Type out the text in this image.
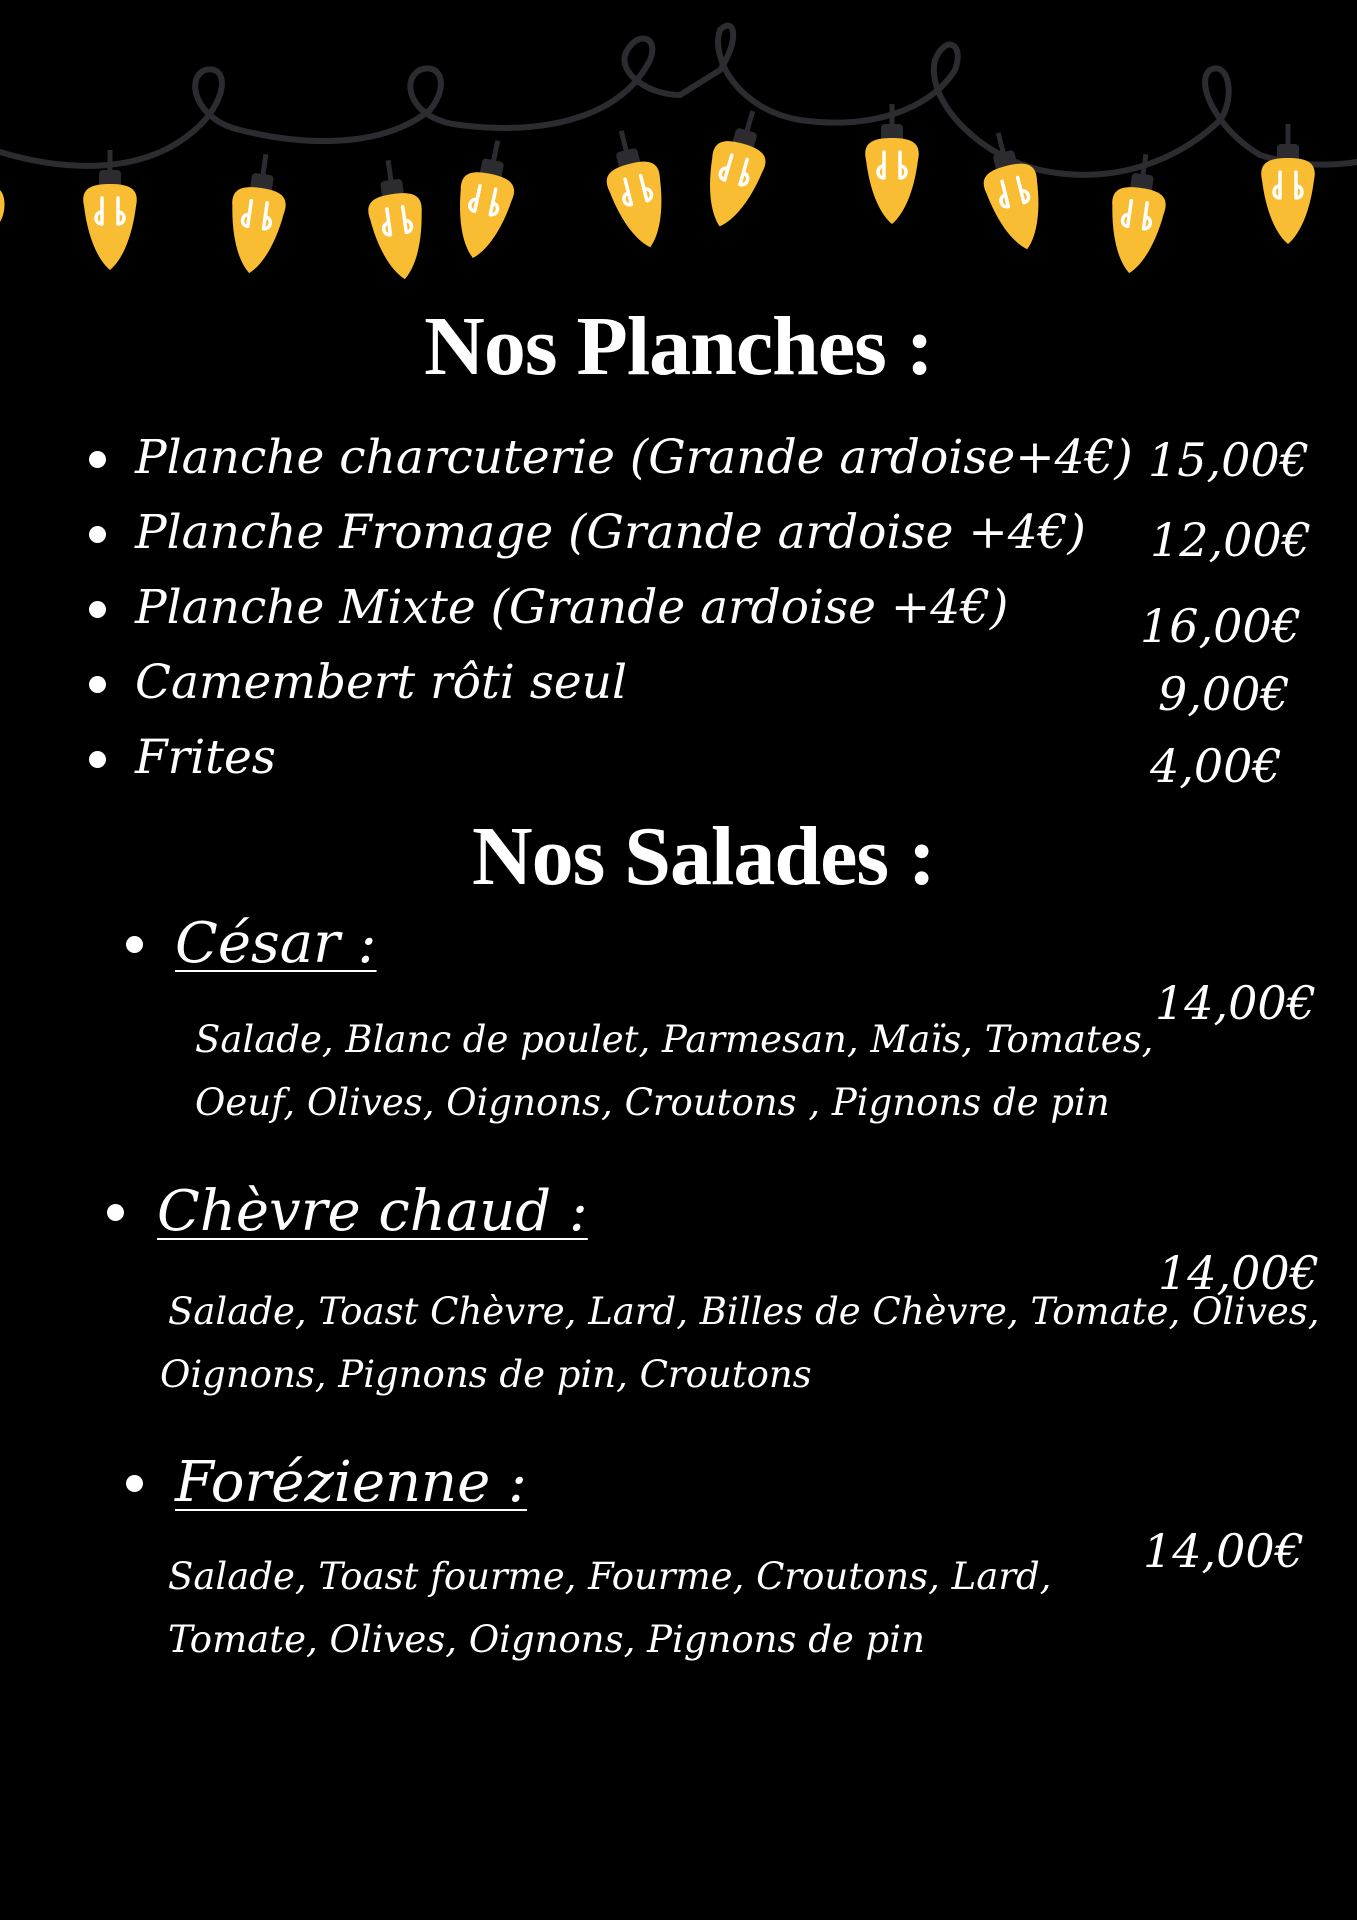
Nos Planches :
Planche charcuterie (Grande ardoise+4€) 15,00€
Planche Fromage (Grande ardoise +4€) 12,00€
Planche Mixte (Grande ardoise +4€)	16,00€
Camembert rôti seul	9,00€
Frites	4,00€
Nos Salades :
César :
14,00€
Salade, Blanc de poulet, Parmesan, Maïs, Tomates,
Oeuf, Olives, Oignons, Croutons , Pignons de pin
Chèvre chaud :
14,00€
Salade, Toast Chèvre, Lard, Billes de Chèvre, Tomate, Olives,
Oignons, Pignons de pin, Croutons
Forézienne :
14,00€
Salade, Toast fourme, Fourme, Croutons, Lard,
Tomate, Olives, Oignons, Pignons de pin
